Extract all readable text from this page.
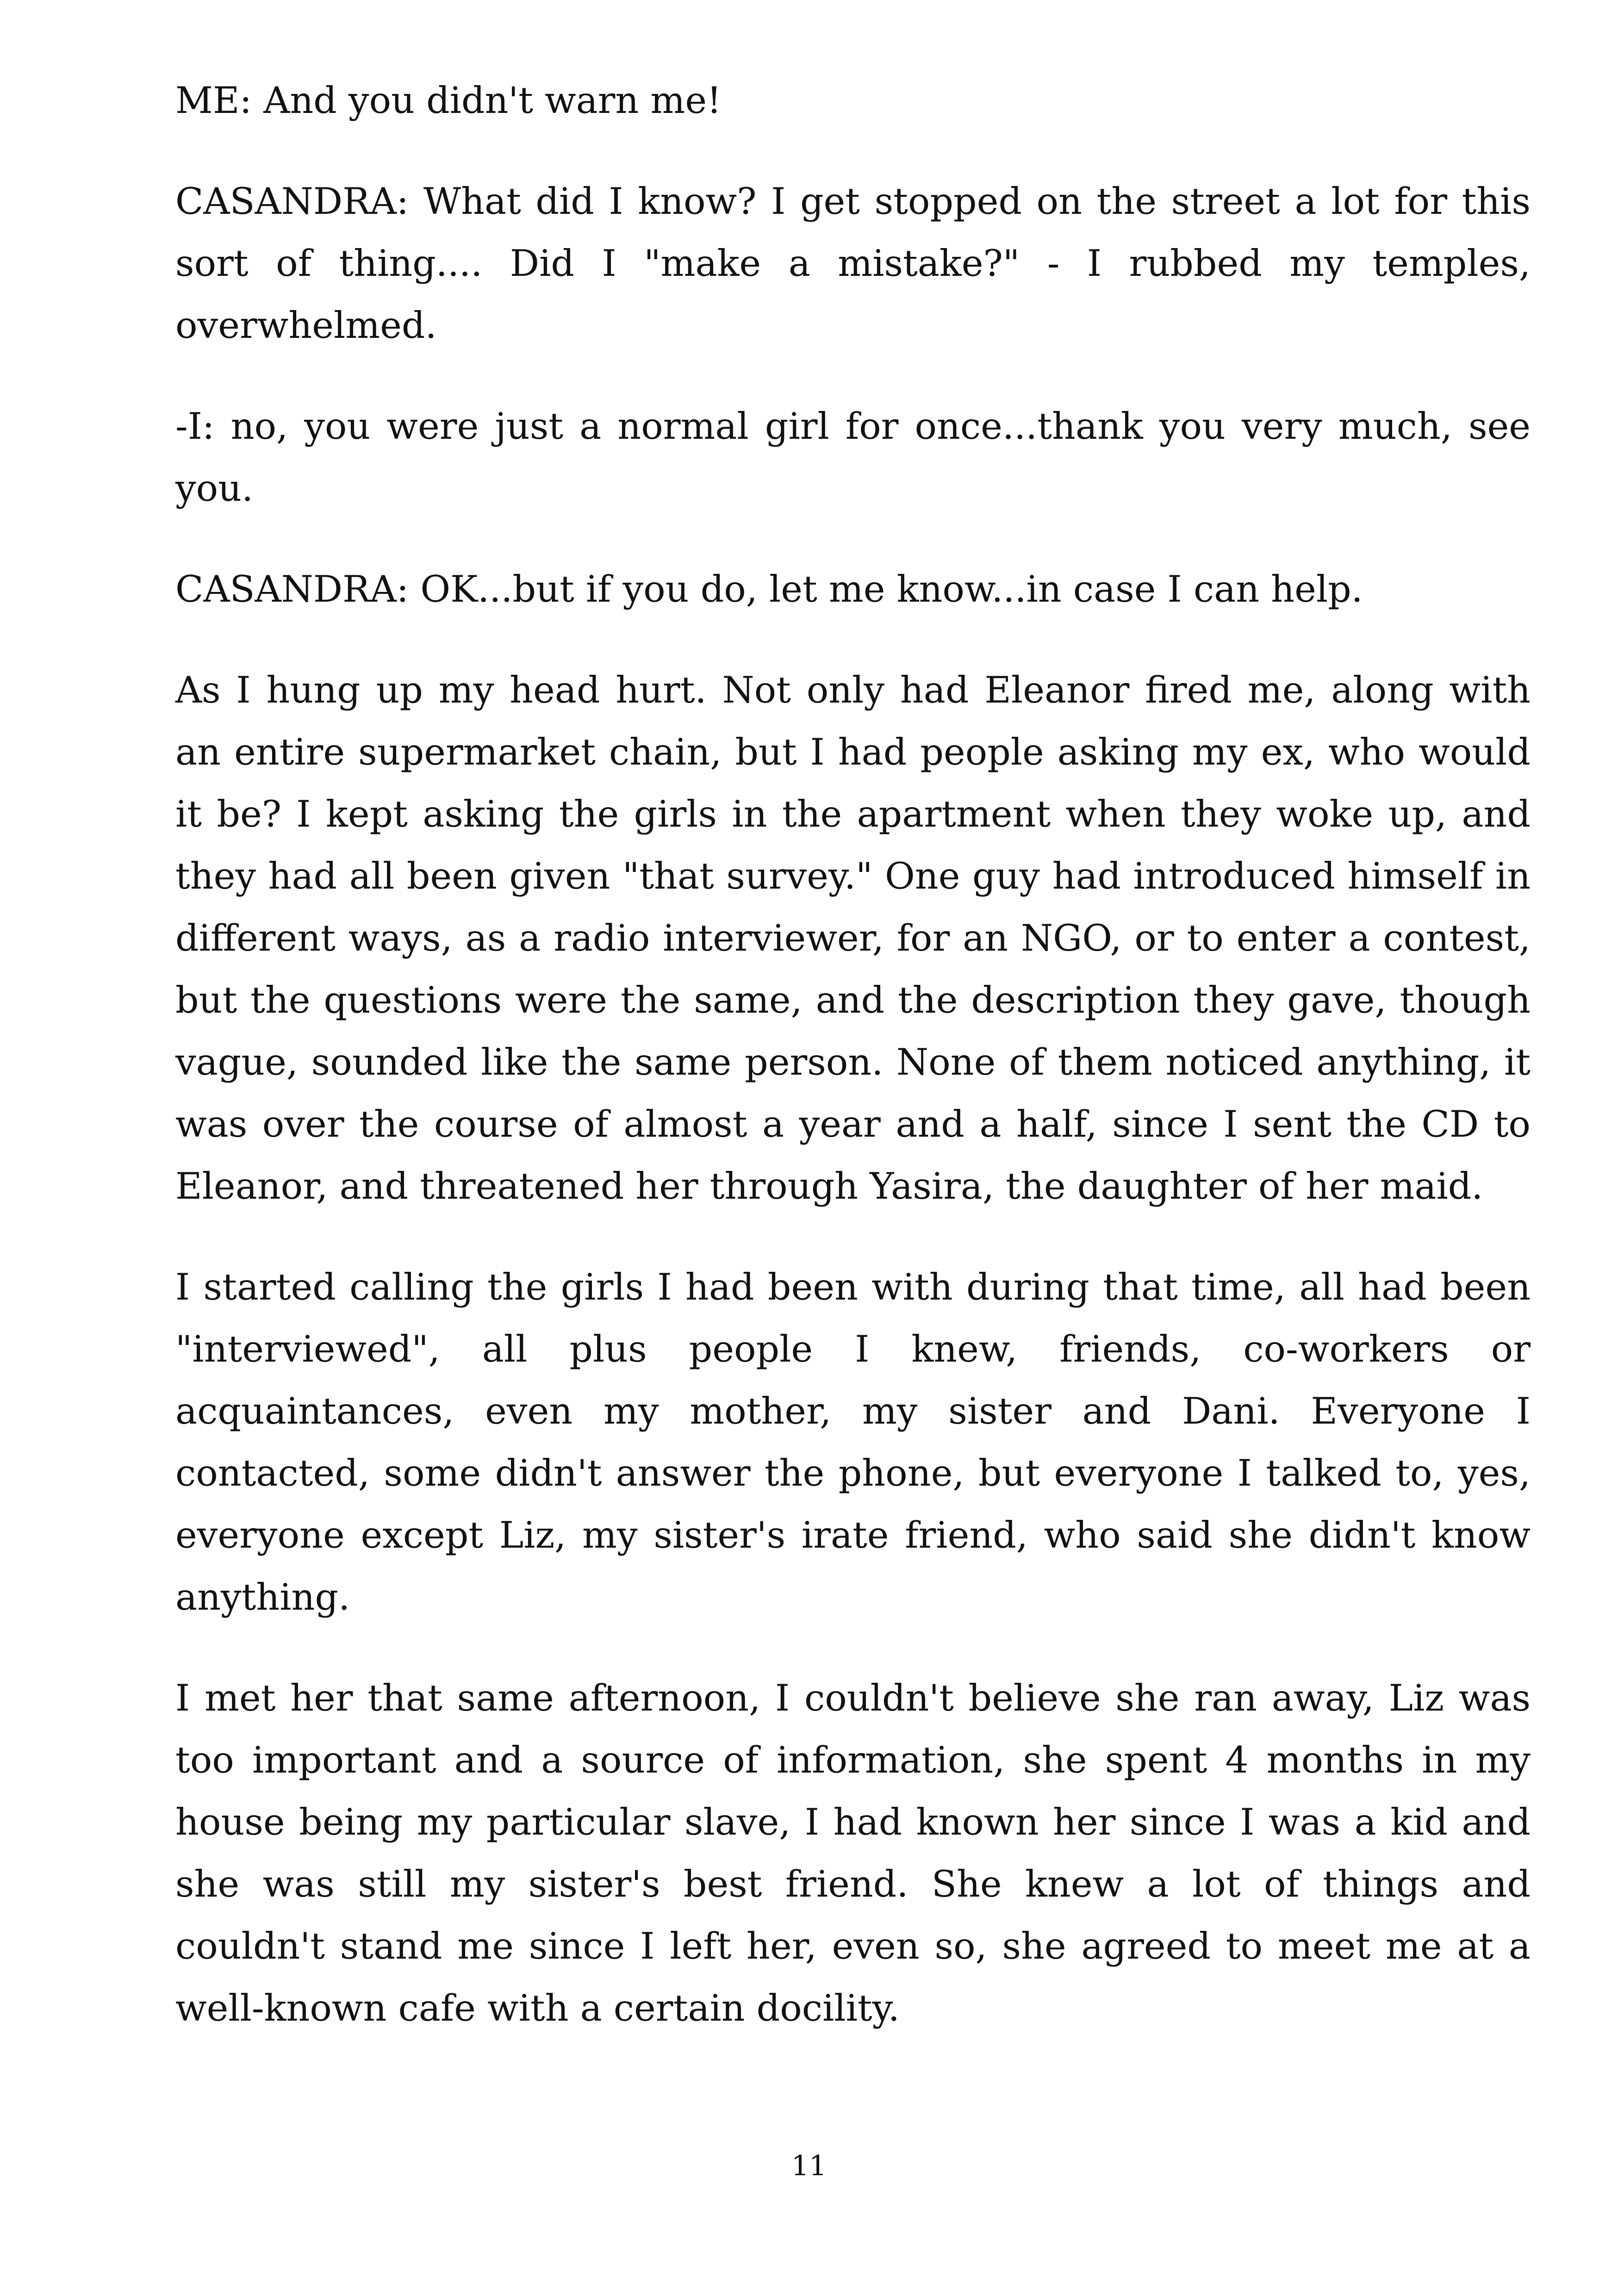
ME: And you didn't warn me!

CASANDRA: What did I know? I get stopped on the street a lot for this sort of thing.... Did I "make a mistake?" - I rubbed my temples, overwhelmed.

-I: no, you were just a normal girl for once...thank you very much, see you.

CASANDRA: OK...but if you do, let me know...in case I can help.

As I hung up my head hurt. Not only had Eleanor fired me, along with an entire supermarket chain, but I had people asking my ex, who would it be? I kept asking the girls in the apartment when they woke up, and they had all been given "that survey." One guy had introduced himself in different ways, as a radio interviewer, for an NGO, or to enter a contest, but the questions were the same, and the description they gave, though vague, sounded like the same person. None of them noticed anything, it was over the course of almost a year and a half, since I sent the CD to Eleanor, and threatened her through Yasira, the daughter of her maid.

I started calling the girls I had been with during that time, all had been "interviewed", all plus people I knew, friends, co-workers or acquaintances, even my mother, my sister and Dani. Everyone I contacted, some didn't answer the phone, but everyone I talked to, yes, everyone except Liz, my sister's irate friend, who said she didn't know anything.

I met her that same afternoon, I couldn't believe she ran away, Liz was too important and a source of information, she spent 4 months in my house being my particular slave, I had known her since I was a kid and she was still my sister's best friend. She knew a lot of things and couldn't stand me since I left her, even so, she agreed to meet me at a well-known cafe with a certain docility.

11
